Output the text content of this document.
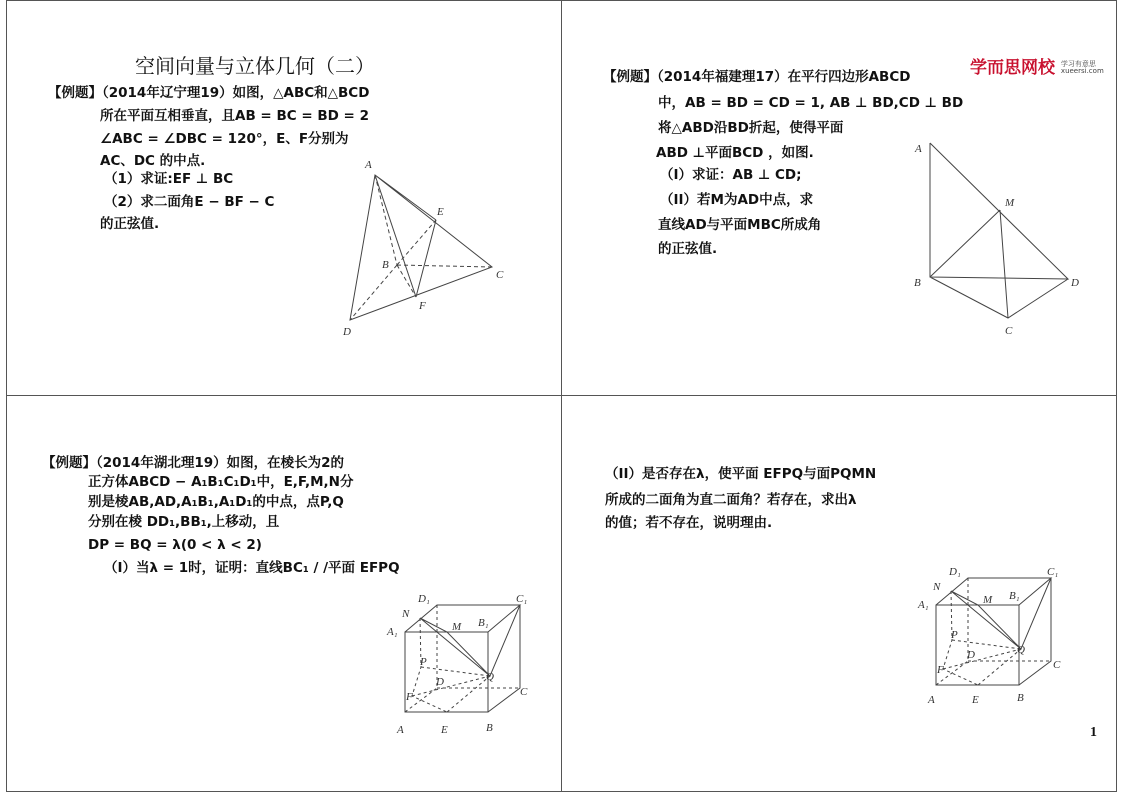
空间向量与立体几何（二）
【例题】（2014年辽宁理19）如图，△ABC和△BCD
所在平面互相垂直，且AB = BC = BD = 2
∠ABC = ∠DBC = 120°，E、F分别为
AC、DC 的中点.
（1）求证:EF ⊥ BC
（2）求二面角E − BF − C
的正弦值.
学而思网校 学习有意思
xueersi.com
【例题】（2014年福建理17）在平行四边形ABCD
中，AB = BD = CD = 1, AB ⊥ BD,CD ⊥ BD
将△ABD沿BD折起，使得平面
ABD ⊥平面BCD ，如图.
（I）求证：AB ⊥ CD;
（II）若M为AD中点，求
直线AD与平面MBC所成角
的正弦值.
【例题】（2014年湖北理19）如图，在棱长为2的
正方体ABCD − A₁B₁C₁D₁中，E,F,M,N分
别是棱AB,AD,A₁B₁,A₁D₁的中点，点P,Q
分别在棱 DD₁,BB₁,上移动，且
DP = BQ = λ(0 < λ < 2)
（I）当λ = 1时，证明：直线BC₁ / /平面 EFPQ
（II）是否存在λ，使平面 EFPQ与面PQMN
所成的二面角为直二面角？若存在，求出λ
的值；若不存在，说明理由.
1
A
E
B
C
F
D
A
M
B	D
C
D₁	C₁
N
A₁	M B₁
P
Q
D
C
F
A	E	B
D₁	C₁
N
A₁	M B₁
P
Q
D
C
F
A	E	B
